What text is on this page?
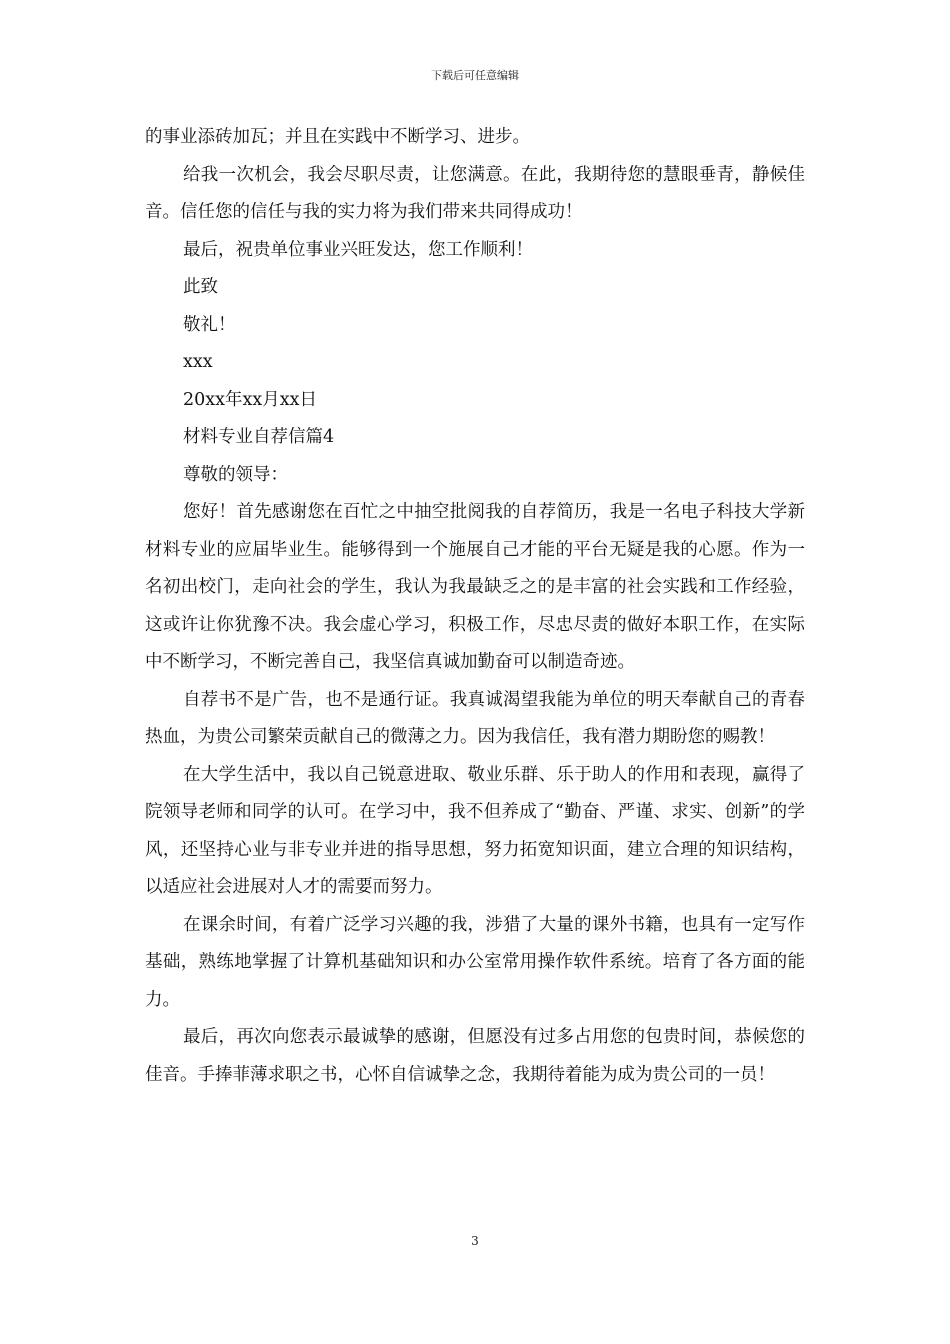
下载后可任意编辑

的事业添砖加瓦；并且在实践中不断学习、进步。

给我一次机会，我会尽职尽责，让您满意。在此，我期待您的慧眼垂青，静候佳音。信任您的信任与我的实力将为我们带来共同得成功！

最后，祝贵单位事业兴旺发达，您工作顺利！

此致

敬礼！

xxx

20xx年xx月xx日

材料专业自荐信篇4

尊敬的领导：

您好！首先感谢您在百忙之中抽空批阅我的自荐简历，我是一名电子科技大学新材料专业的应届毕业生。能够得到一个施展自己才能的平台无疑是我的心愿。作为一名初出校门，走向社会的学生，我认为我最缺乏之的是丰富的社会实践和工作经验，这或许让你犹豫不决。我会虚心学习，积极工作，尽忠尽责的做好本职工作，在实际中不断学习，不断完善自己，我坚信真诚加勤奋可以制造奇迹。

自荐书不是广告，也不是通行证。我真诚渴望我能为单位的明天奉献自己的青春热血，为贵公司繁荣贡献自己的微薄之力。因为我信任，我有潜力期盼您的赐教！

在大学生活中，我以自己锐意进取、敬业乐群、乐于助人的作用和表现，赢得了院领导老师和同学的认可。在学习中，我不但养成了“勤奋、严谨、求实、创新”的学风，还坚持心业与非专业并进的指导思想，努力拓宽知识面，建立合理的知识结构，以适应社会进展对人才的需要而努力。

在课余时间，有着广泛学习兴趣的我，涉猎了大量的课外书籍，也具有一定写作基础，熟练地掌握了计算机基础知识和办公室常用操作软件系统。培育了各方面的能力。

最后，再次向您表示最诚挚的感谢，但愿没有过多占用您的包贵时间，恭候您的佳音。手捧菲薄求职之书，心怀自信诚挚之念，我期待着能为成为贵公司的一员！

3
